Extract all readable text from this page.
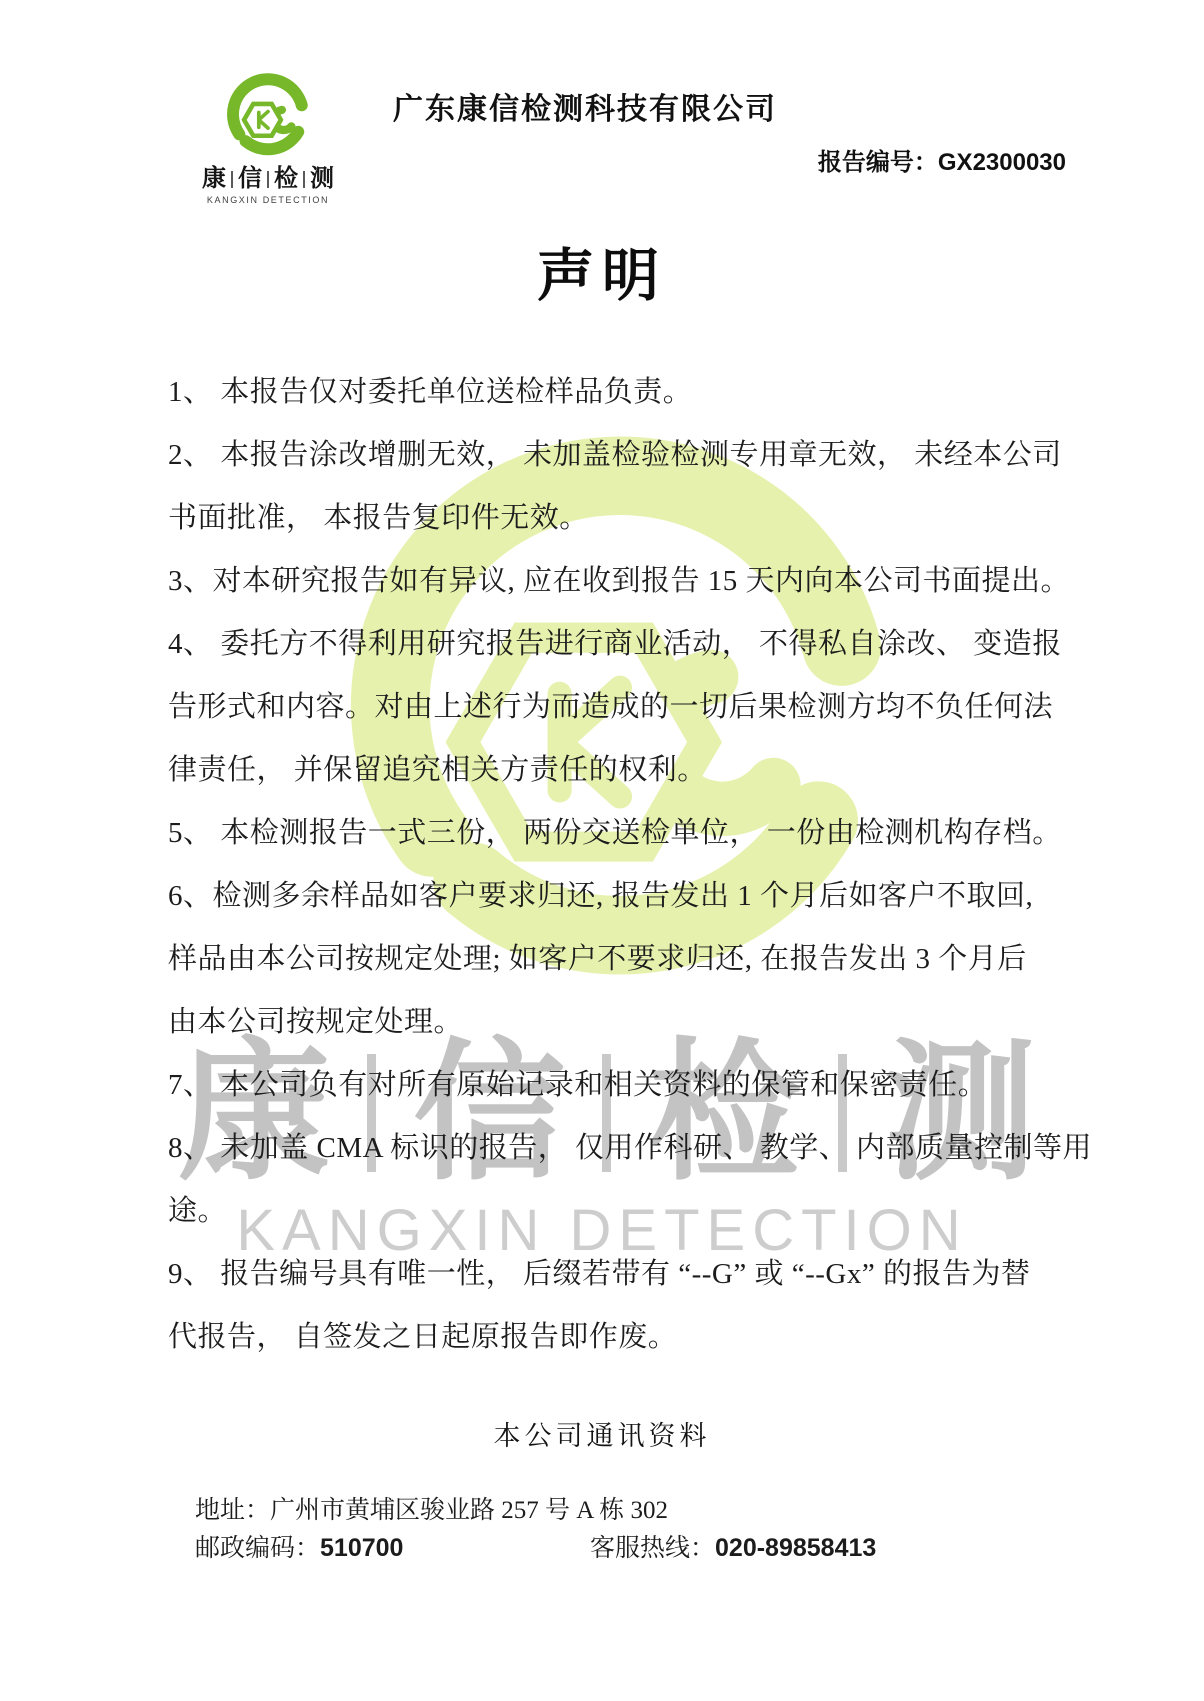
康 信 检 测
KANGXIN DETECTION
康 信 检 测
KANGXIN DETECTION
广东康信检测科技有限公司
报告编号：GX2300030
声明
1、 本报告仅对委托单位送检样品负责。
2、 本报告涂改增删无效， 未加盖检验检测专用章无效， 未经本公司
书面批准， 本报告复印件无效。
3、对本研究报告如有异议, 应在收到报告 15 天内向本公司书面提出。
4、 委托方不得利用研究报告进行商业活动， 不得私自涂改、 变造报
告形式和内容。对由上述行为而造成的一切后果检测方均不负任何法
律责任， 并保留追究相关方责任的权利。
5、 本检测报告一式三份， 两份交送检单位， 一份由检测机构存档。
6、检测多余样品如客户要求归还, 报告发出 1 个月后如客户不取回,
样品由本公司按规定处理; 如客户不要求归还, 在报告发出 3 个月后
由本公司按规定处理。
7、 本公司负有对所有原始记录和相关资料的保管和保密责任。
8、 未加盖 CMA 标识的报告， 仅用作科研、 教学、 内部质量控制等用
途。
9、 报告编号具有唯一性， 后缀若带有 “--G” 或 “--Gx” 的报告为替
代报告， 自签发之日起原报告即作废。
本公司通讯资料

地址：广州市黄埔区骏业路 257 号 A 栋 302

邮政编码：510700
	客服热线：020-89858413
